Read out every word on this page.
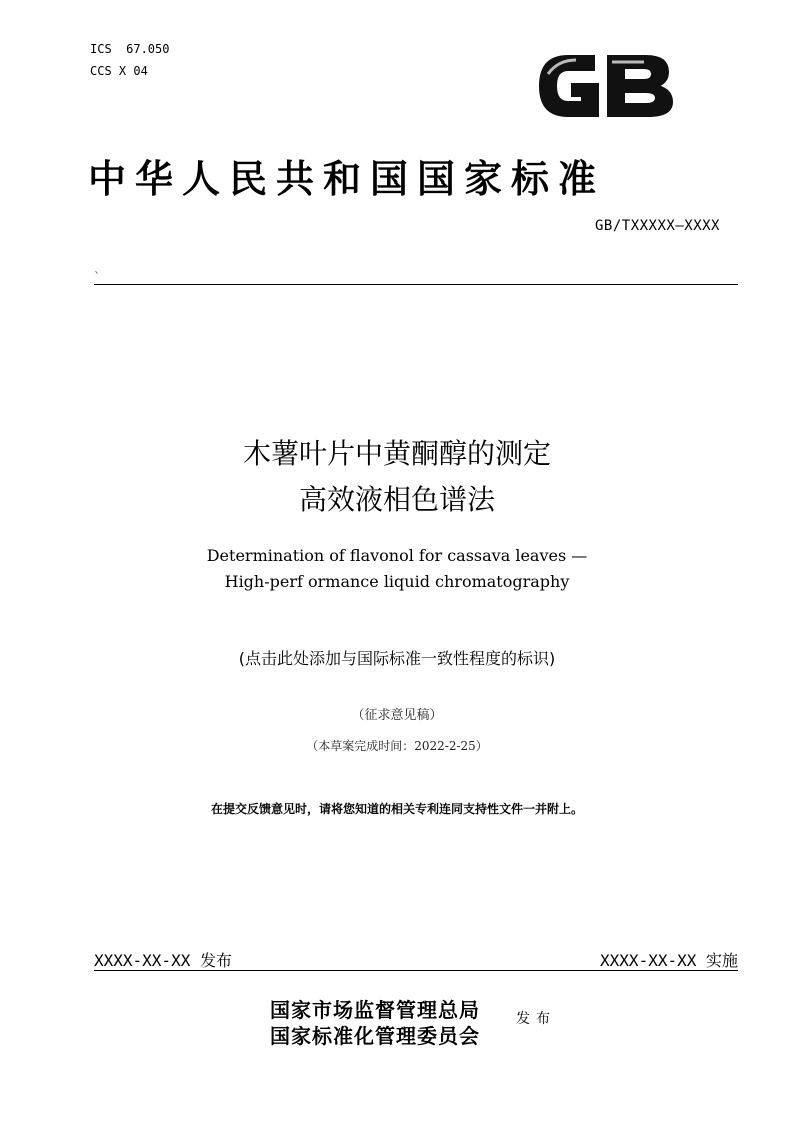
ICS  67.050
CCS X 04
GB
中华人民共和国国家标准
GB/TXXXXX—XXXX
`
木薯叶片中黄酮醇的测定
高效液相色谱法
Determination of flavonol for cassava leaves —
High-perf ormance liquid chromatography
(点击此处添加与国际标准一致性程度的标识)
（征求意见稿）
（本草案完成时间：2022-2-25）
在提交反馈意见时，请将您知道的相关专利连同支持性文件一并附上。
XXXX-XX-XX 发布	XXXX-XX-XX 实施
国家市场监督管理总局
国家标准化管理委员会
发布
